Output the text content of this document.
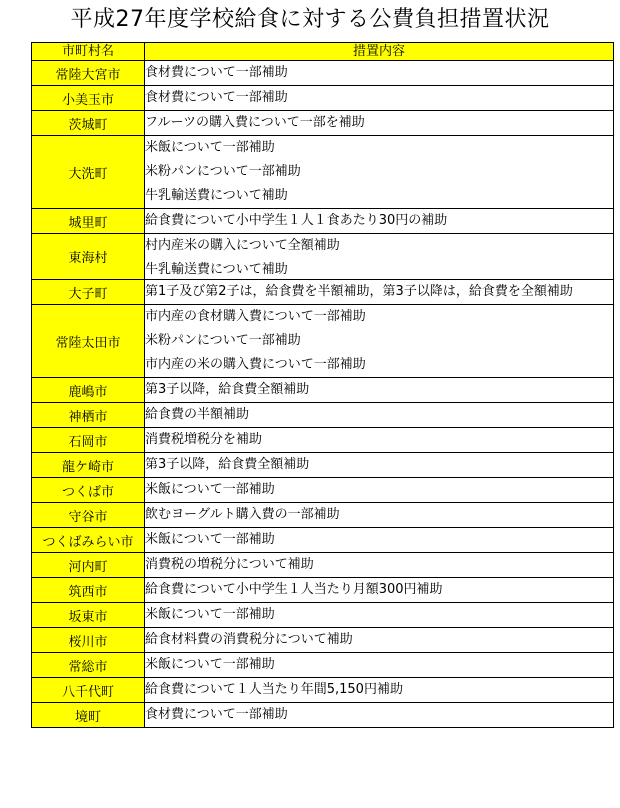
平成27年度学校給食に対する公費負担措置状況
市町村名	措置内容
常陸大宮市	食材費について一部補助

小美玉市	食材費について一部補助

茨城町	フルーツの購入費について一部を補助

大洗町	米飯について一部補助
米粉パンについて一部補助
牛乳輸送費について補助

城里町	給食費について小中学生１人１食あたり30円の補助

東海村	村内産米の購入について全額補助
牛乳輸送費について補助

大子町	第1子及び第2子は，給食費を半額補助，第3子以降は，給食費を全額補助

常陸太田市	市内産の食材購入費について一部補助
米粉パンについて一部補助
市内産の米の購入費について一部補助

鹿嶋市	第3子以降，給食費全額補助

神栖市	給食費の半額補助

石岡市	消費税増税分を補助

龍ケ崎市	第3子以降，給食費全額補助

つくば市	米飯について一部補助

守谷市	飲むヨーグルト購入費の一部補助

つくばみらい市	米飯について一部補助

河内町	消費税の増税分について補助

筑西市	給食費について小中学生１人当たり月額300円補助

坂東市	米飯について一部補助

桜川市	給食材料費の消費税分について補助

常総市	米飯について一部補助

八千代町	給食費について１人当たり年間5,150円補助

境町	食材費について一部補助
